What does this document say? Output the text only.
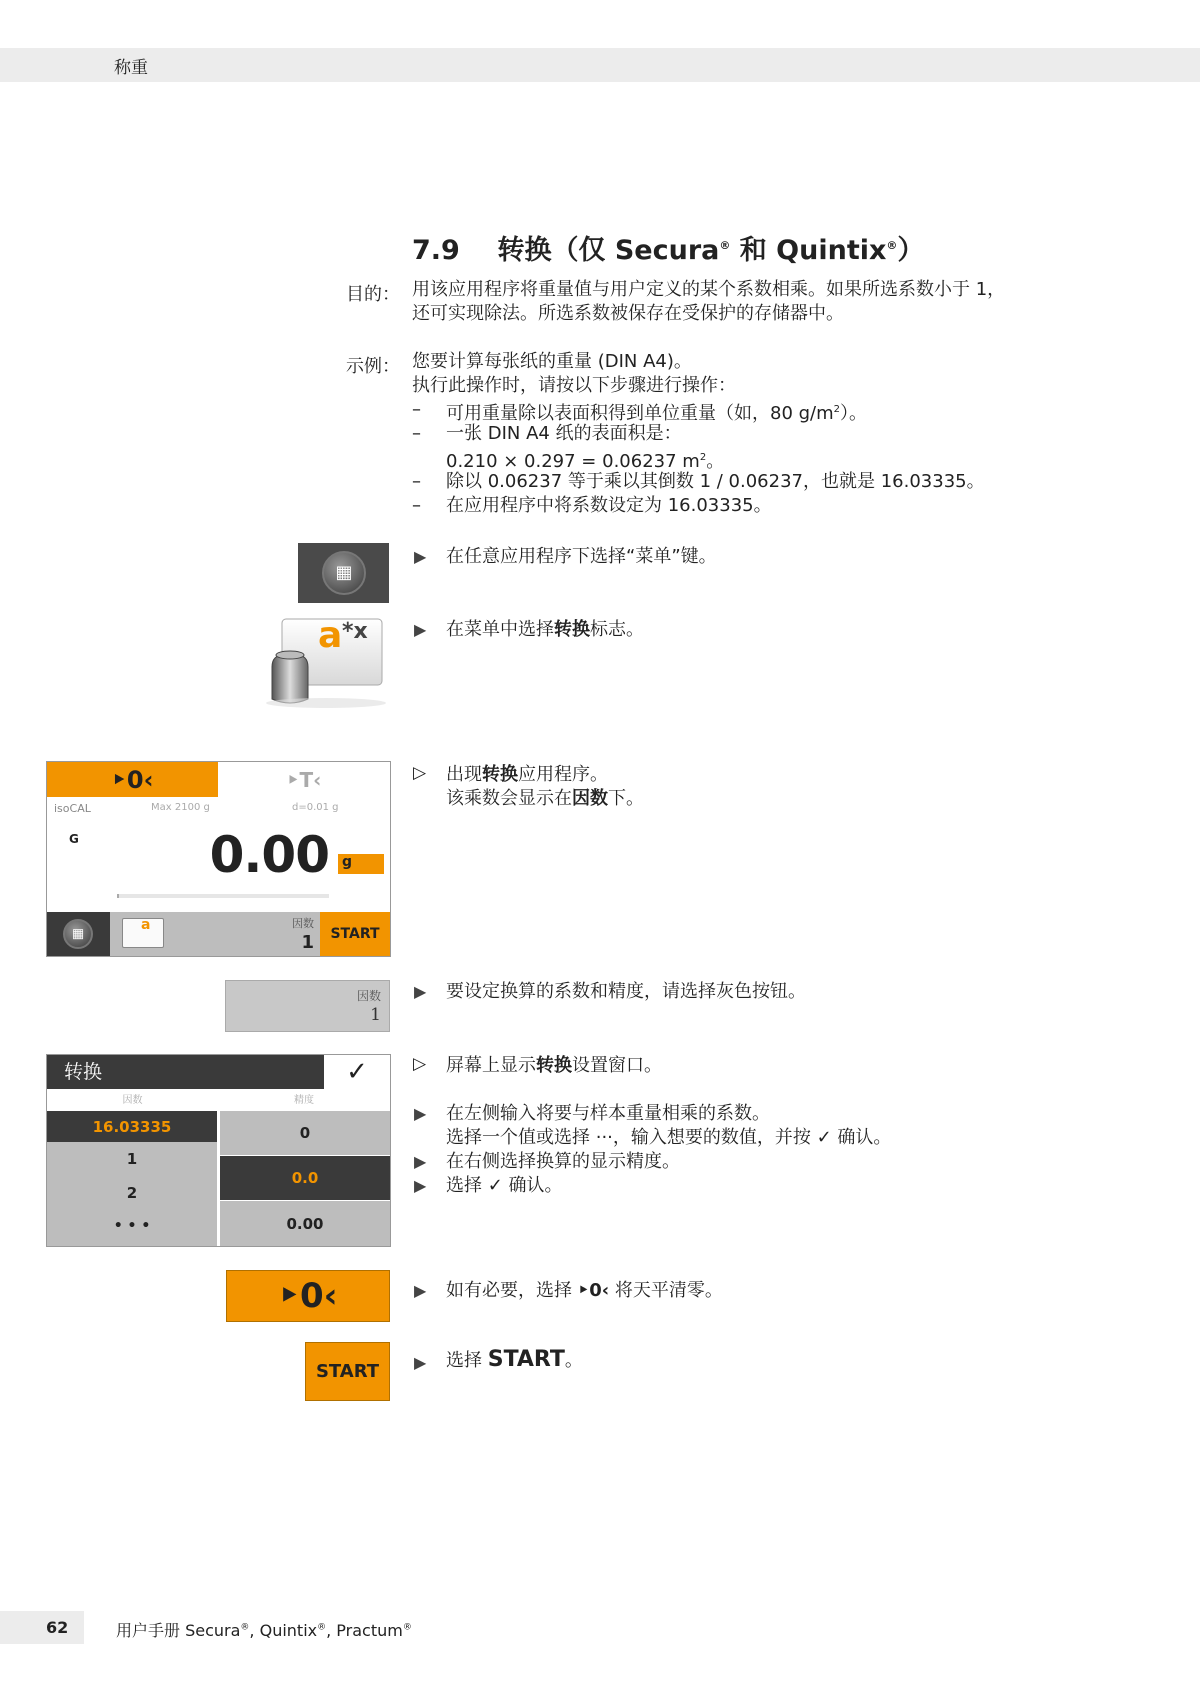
称重
7.9 转换（仅 Secura® 和 Quintix®）
目的： 用该应用程序将重量值与用户定义的某个系数相乘。如果所选系数小于 1，
还可实现除法。所选系数被保存在受保护的存储器中。
示例： 您要计算每张纸的重量 (DIN A4)。
执行此操作时，请按以下步骤进行操作：
– 可用重量除以表面积得到单位重量（如，80 $g/m^2$）。
– 一张 DIN A4 纸的表面积是：
0.210 × 0.297 = 0.06237 $m^2$。
– 除以 0.06237 等于乘以其倒数 1 / 0.06237，也就是 16.03335。
– 在应用程序中将系数设定为 16.03335。
▦
▶ 在任意应用程序下选择“菜单”键。
a *x	▶ 在菜单中选择转换标志。
‣0‹	‣T‹
isoCAL	Max 2100 g	d=0.01 g
G	0.00 g
▦
a	因数
1	START
▷ 出现转换应用程序。
该乘数会显示在因数下。
因数
1
▶ 要设定换算的系数和精度，请选择灰色按钮。
转换	✓
因数	精度
16.03335
1
2
• • •
0
0.0
0.00
▷ 屏幕上显示转换设置窗口。
▶ 在左侧输入将要与样本重量相乘的系数。
选择一个值或选择 ···，输入想要的数值，并按 ✓ 确认。
▶ 在右侧选择换算的显示精度。
▶ 选择 ✓ 确认。
‣0‹	▶ 如有必要，选择 ‣0‹ 将天平清零。
START	▶ 选择 START。
62	用户手册 Secura®, Quintix®, Practum®
